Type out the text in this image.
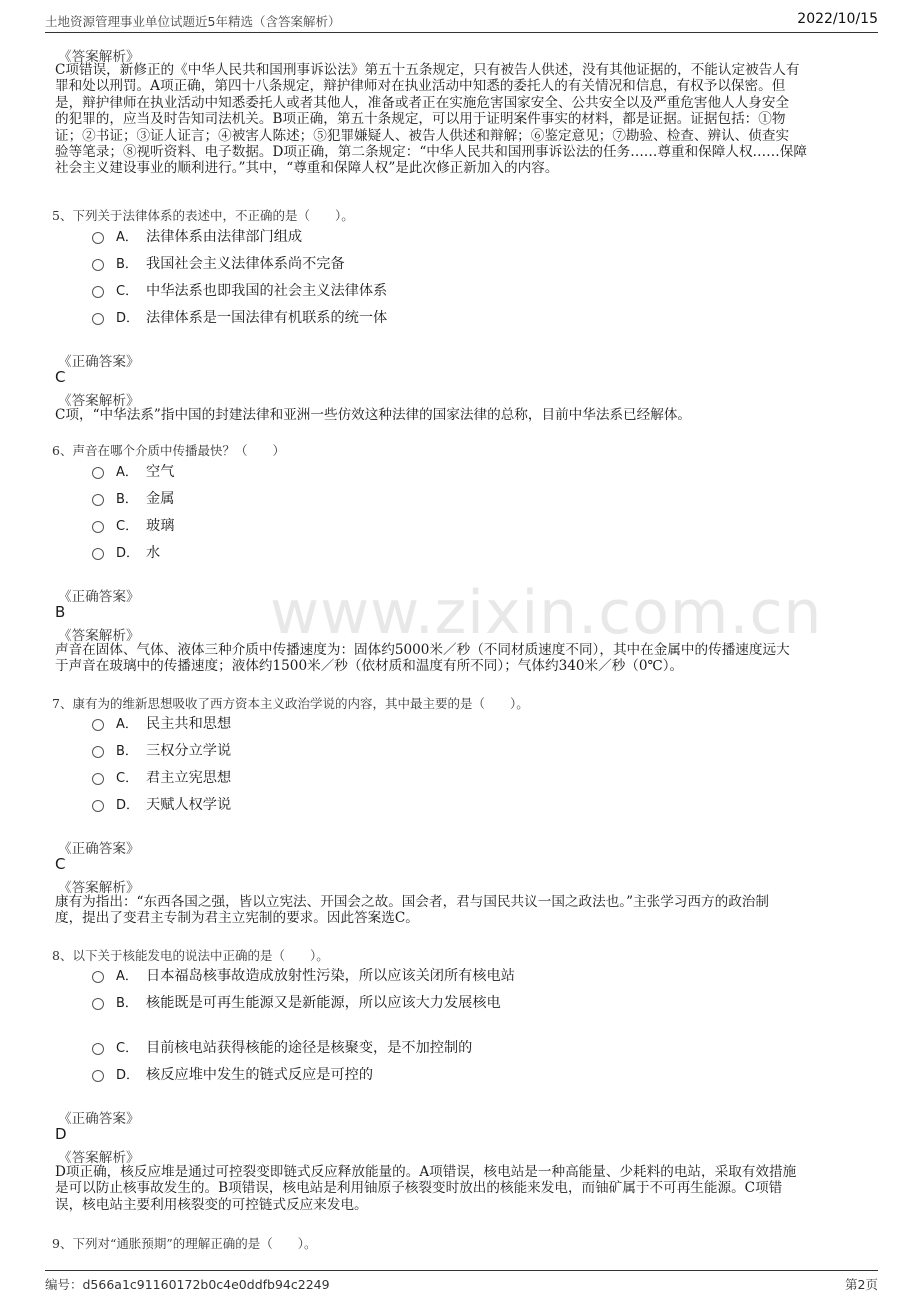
土地资源管理事业单位试题近5年精选（含答案解析）	2022/10/15
www.zixin.com.cn
《答案解析》
C项错误，新修正的《中华人民共和国刑事诉讼法》第五十五条规定，只有被告人供述，没有其他证据的，不能认定被告人有
罪和处以刑罚。A项正确，第四十八条规定，辩护律师对在执业活动中知悉的委托人的有关情况和信息，有权予以保密。但
是，辩护律师在执业活动中知悉委托人或者其他人，准备或者正在实施危害国家安全、公共安全以及严重危害他人人身安全
的犯罪的，应当及时告知司法机关。B项正确，第五十条规定，可以用于证明案件事实的材料，都是证据。证据包括：①物
证；②书证；③证人证言；④被害人陈述；⑤犯罪嫌疑人、被告人供述和辩解；⑥鉴定意见；⑦勘验、检查、辨认、侦查实
验等笔录；⑧视听资料、电子数据。D项正确，第二条规定：“中华人民共和国刑事诉讼法的任务……尊重和保障人权……保障
社会主义建设事业的顺利进行。”其中，“尊重和保障人权”是此次修正新加入的内容。
5、下列关于法律体系的表述中，不正确的是（　　）。
A． 法律体系由法律部门组成
B． 我国社会主义法律体系尚不完备
C． 中华法系也即我国的社会主义法律体系
D． 法律体系是一国法律有机联系的统一体
《正确答案》
C
《答案解析》
C项，“中华法系”指中国的封建法律和亚洲一些仿效这种法律的国家法律的总称，目前中华法系已经解体。
6、声音在哪个介质中传播最快？（　　）
A． 空气
B． 金属
C． 玻璃
D． 水
《正确答案》
B
《答案解析》
声音在固体、气体、液体三种介质中传播速度为：固体约5000米／秒（不同材质速度不同），其中在金属中的传播速度远大
于声音在玻璃中的传播速度；液体约1500米／秒（依材质和温度有所不同）；气体约340米／秒（0℃）。
7、康有为的维新思想吸收了西方资本主义政治学说的内容，其中最主要的是（　　）。
A． 民主共和思想
B． 三权分立学说
C． 君主立宪思想
D． 天赋人权学说
《正确答案》
C
《答案解析》
康有为指出：“东西各国之强，皆以立宪法、开国会之故。国会者，君与国民共议一国之政法也。”主张学习西方的政治制
度，提出了变君主专制为君主立宪制的要求。因此答案选C。
8、以下关于核能发电的说法中正确的是（　　）。
A． 日本福岛核事故造成放射性污染，所以应该关闭所有核电站
B． 核能既是可再生能源又是新能源，所以应该大力发展核电
C． 目前核电站获得核能的途径是核聚变，是不加控制的
D． 核反应堆中发生的链式反应是可控的
《正确答案》
D
《答案解析》
D项正确，核反应堆是通过可控裂变即链式反应释放能量的。A项错误，核电站是一种高能量、少耗料的电站，采取有效措施
是可以防止核事故发生的。B项错误，核电站是利用铀原子核裂变时放出的核能来发电，而铀矿属于不可再生能源。C项错
误，核电站主要利用核裂变的可控链式反应来发电。
9、下列对“通胀预期”的理解正确的是（　　）。
编号：d566a1c91160172b0c4e0ddfb94c2249	第2页
